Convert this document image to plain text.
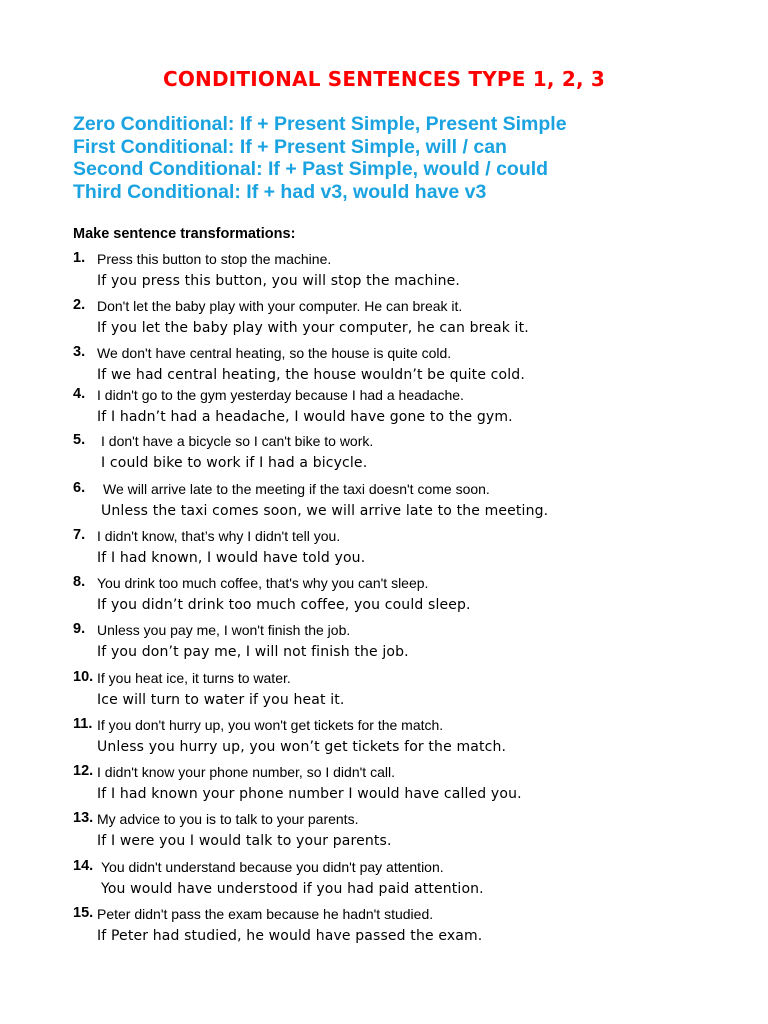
CONDITIONAL SENTENCES TYPE 1, 2, 3
Zero Conditional: If + Present Simple, Present Simple
First Conditional: If + Present Simple, will / can
Second Conditional: If + Past Simple, would / could
Third Conditional: If + had v3, would have v3
Make sentence transformations:
1. Press this button to stop the machine.
If you press this button, you will stop the machine.
2. Don't let the baby play with your computer. He can break it.
If you let the baby play with your computer, he can break it.
3. We don't have central heating, so the house is quite cold.
If we had central heating, the house wouldn’t be quite cold.
4. I didn't go to the gym yesterday because I had a headache.
If I hadn’t had a headache, I would have gone to the gym.
5. I don't have a bicycle so I can't bike to work.
I could bike to work if I had a bicycle.
6. We will arrive late to the meeting if the taxi doesn't come soon.
Unless the taxi comes soon, we will arrive late to the meeting.
7. I didn't know, that’s why I didn't tell you.
If I had known, I would have told you.
8. You drink too much coffee, that's why you can't sleep.
If you didn’t drink too much coffee, you could sleep.
9. Unless you pay me, I won't finish the job.
If you don’t pay me, I will not finish the job.
10. If you heat ice, it turns to water.
Ice will turn to water if you heat it.
11. If you don't hurry up, you won't get tickets for the match.
Unless you hurry up, you won’t get tickets for the match.
12. I didn't know your phone number, so I didn't call.
If I had known your phone number I would have called you.
13. My advice to you is to talk to your parents.
If I were you I would talk to your parents.
14. You didn't understand because you didn't pay attention.
You would have understood if you had paid attention.
15. Peter didn't pass the exam because he hadn't studied.
If Peter had studied, he would have passed the exam.
